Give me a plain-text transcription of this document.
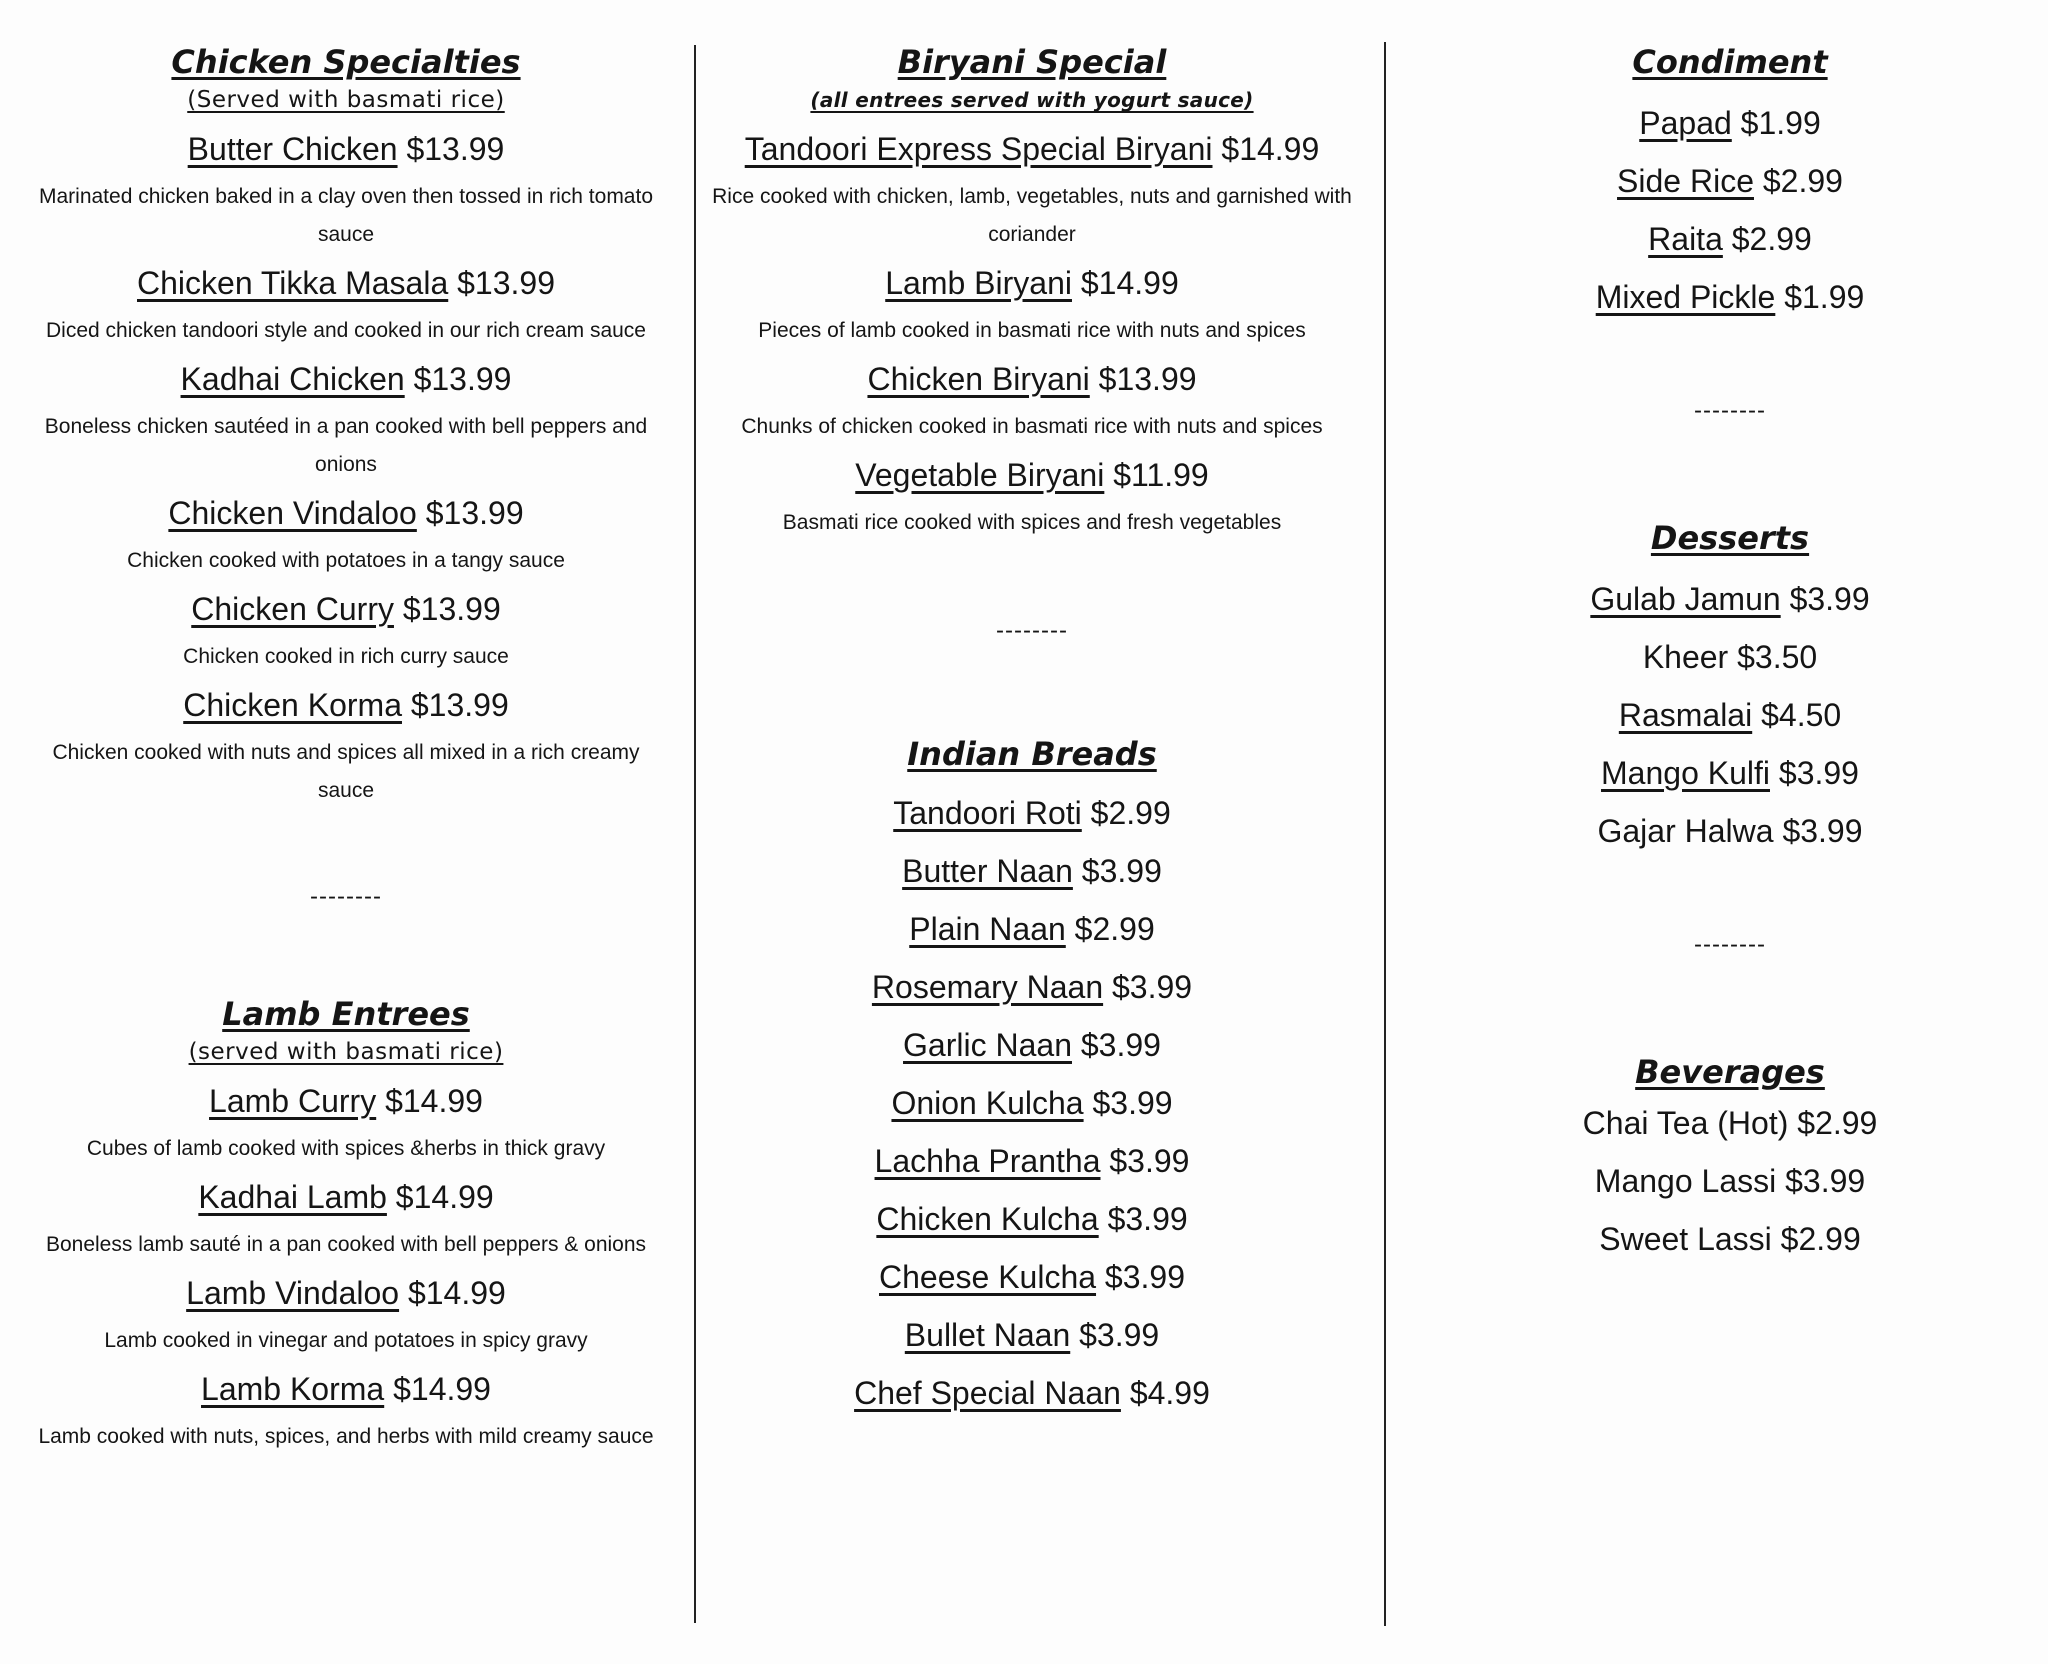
Chicken Specialties

(Served with basmati rice)

Butter Chicken $13.99

Marinated chicken baked in a clay oven then tossed in rich tomato sauce

Chicken Tikka Masala $13.99

Diced chicken tandoori style and cooked in our rich cream sauce

Kadhai Chicken $13.99

Boneless chicken sautéed in a pan cooked with bell peppers and onions

Chicken Vindaloo $13.99

Chicken cooked with potatoes in a tangy sauce

Chicken Curry $13.99

Chicken cooked in rich curry sauce

Chicken Korma $13.99

Chicken cooked with nuts and spices all mixed in a rich creamy sauce

--------
Lamb Entrees

(served with basmati rice)

Lamb Curry $14.99

Cubes of lamb cooked with spices &herbs in thick gravy

Kadhai Lamb $14.99

Boneless lamb sauté in a pan cooked with bell peppers & onions

Lamb Vindaloo $14.99

Lamb cooked in vinegar and potatoes in spicy gravy

Lamb Korma $14.99

Lamb cooked with nuts, spices, and herbs with mild creamy sauce

Biryani Special

(all entrees served with yogurt sauce)

Tandoori Express Special Biryani $14.99

Rice cooked with chicken, lamb, vegetables, nuts and garnished with coriander

Lamb Biryani $14.99

Pieces of lamb cooked in basmati rice with nuts and spices

Chicken Biryani $13.99

Chunks of chicken cooked in basmati rice with nuts and spices

Vegetable Biryani $11.99

Basmati rice cooked with spices and fresh vegetables

--------
Indian Breads

Tandoori Roti $2.99

Butter Naan $3.99

Plain Naan $2.99

Rosemary Naan $3.99

Garlic Naan $3.99

Onion Kulcha $3.99

Lachha Prantha $3.99

Chicken Kulcha $3.99

Cheese Kulcha $3.99

Bullet Naan $3.99

Chef Special Naan $4.99

Condiment

Papad $1.99

Side Rice $2.99

Raita $2.99

Mixed Pickle $1.99

--------
Desserts

Gulab Jamun $3.99

Kheer $3.50

Rasmalai $4.50

Mango Kulfi $3.99

Gajar Halwa $3.99

--------
Beverages

Chai Tea (Hot) $2.99

Mango Lassi $3.99

Sweet Lassi $2.99
